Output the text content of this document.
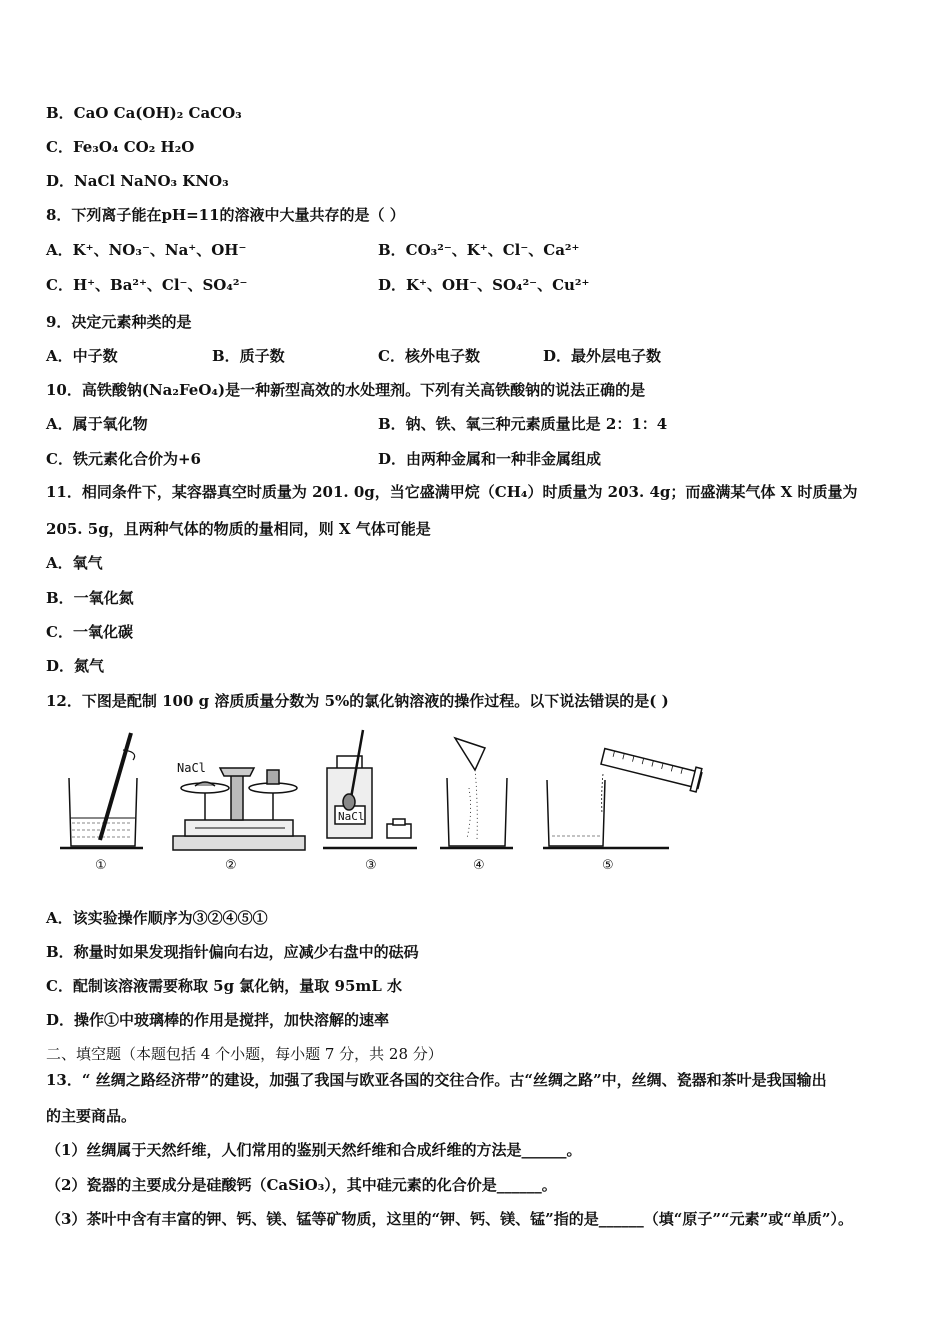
B．CaO Ca(OH)₂ CaCO₃
C．Fe₃O₄ CO₂ H₂O
D．NaCl NaNO₃ KNO₃
8．下列离子能在pH=11的溶液中大量共存的是（ ）
A．K⁺、NO₃⁻、Na⁺、OH⁻	B．CO₃²⁻、K⁺、Cl⁻、Ca²⁺
C．H⁺、Ba²⁺、Cl⁻、SO₄²⁻	D．K⁺、OH⁻、SO₄²⁻、Cu²⁺
9．决定元素种类的是
A．中子数	B．质子数	C．核外电子数	D．最外层电子数
10．高铁酸钠(Na₂FeO₄)是一种新型高效的水处理剂。下列有关高铁酸钠的说法正确的是
A．属于氧化物	B．钠、铁、氧三种元素质量比是 2：1：4
C．铁元素化合价为+6	D．由两种金属和一种非金属组成
11．相同条件下，某容器真空时质量为 201. 0g，当它盛满甲烷（CH₄）时质量为 203. 4g；而盛满某气体 X 时质量为
205. 5g，且两种气体的物质的量相同，则 X 气体可能是
A．氧气
B．一氧化氮
C．一氧化碳
D．氮气
12．下图是配制 100 g 溶质质量分数为 5%的氯化钠溶液的操作过程。以下说法错误的是( )
NaCl
NaCl
①	②	③	④	⑤
A．该实验操作顺序为③②④⑤①
B．称量时如果发现指针偏向右边，应减少右盘中的砝码
C．配制该溶液需要称取 5g 氯化钠，量取 95mL 水
D．操作①中玻璃棒的作用是搅拌，加快溶解的速率
二、填空题（本题包括 4 个小题，每小题 7 分，共 28 分）
13．“ 丝绸之路经济带”的建设，加强了我国与欧亚各国的交往合作。古“丝绸之路”中，丝绸、瓷器和茶叶是我国输出
的主要商品。
（1）丝绸属于天然纤维，人们常用的鉴别天然纤维和合成纤维的方法是______。
（2）瓷器的主要成分是硅酸钙（CaSiO₃），其中硅元素的化合价是______。
（3）茶叶中含有丰富的钾、钙、镁、锰等矿物质，这里的“钾、钙、镁、锰”指的是______（填“原子”“元素”或“单质”）。
